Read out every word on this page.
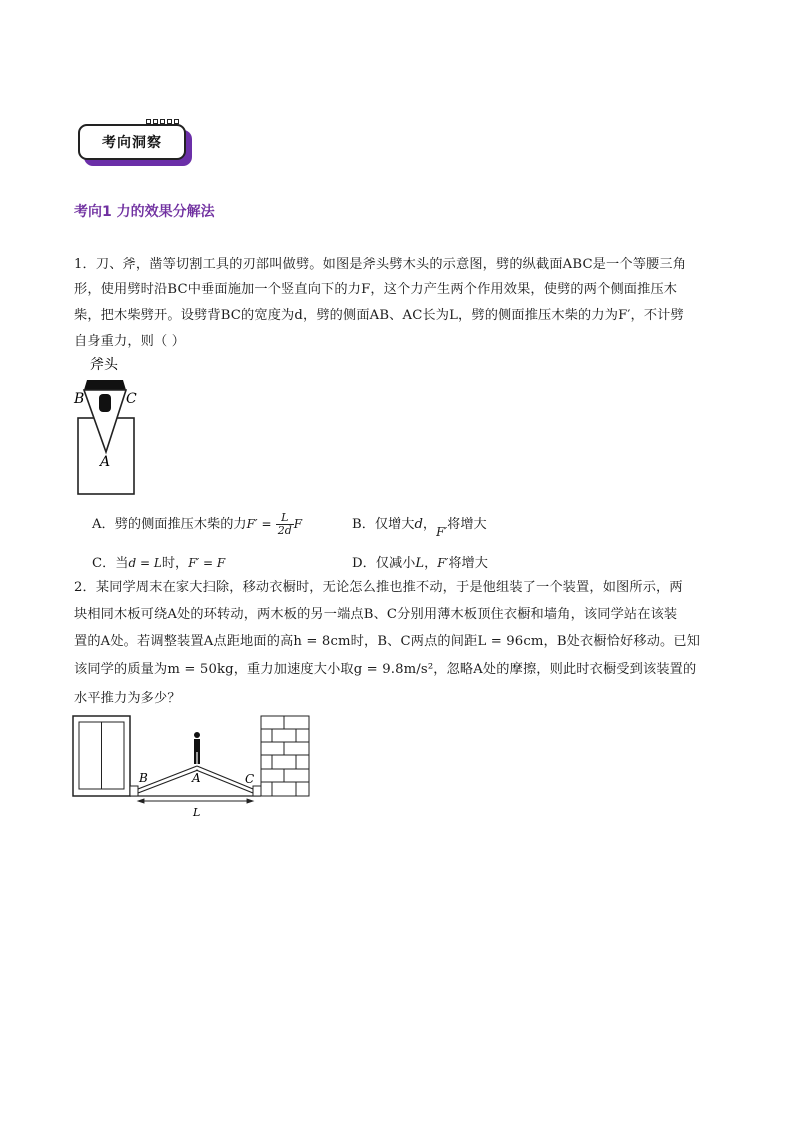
考向洞察
考向1 力的效果分解法
1．刀、斧，凿等切割工具的刃部叫做劈。如图是斧头劈木头的示意图，劈的纵截面ABC是一个等腰三角
形，使用劈时沿BC中垂面施加一个竖直向下的力F，这个力产生两个作用效果，使劈的两个侧面推压木
柴，把木柴劈开。设劈背BC的宽度为d，劈的侧面AB、AC长为L，劈的侧面推压木柴的力为F′，不计劈
自身重力，则（ ）
斧头
B	C
A
A．劈的侧面推压木柴的力$F' = \frac{L}{2d}$ F	B．仅增大d，F′将增大
C．当d = L时，F′ = F	D．仅减小L，F′将增大
2．某同学周末在家大扫除，移动衣橱时，无论怎么推也推不动，于是他组装了一个装置，如图所示，两
块相同木板可绕A处的环转动，两木板的另一端点B、C分别用薄木板顶住衣橱和墙角，该同学站在该装
置的A处。若调整装置A点距地面的高h = 8cm时，B、C两点的间距L = 96cm，B处衣橱恰好移动。已知
该同学的质量为m = 50kg，重力加速度大小取g = 9.8m/s²，忽略A处的摩擦，则此时衣橱受到该装置的
水平推力为多少？
B	A	C
L
